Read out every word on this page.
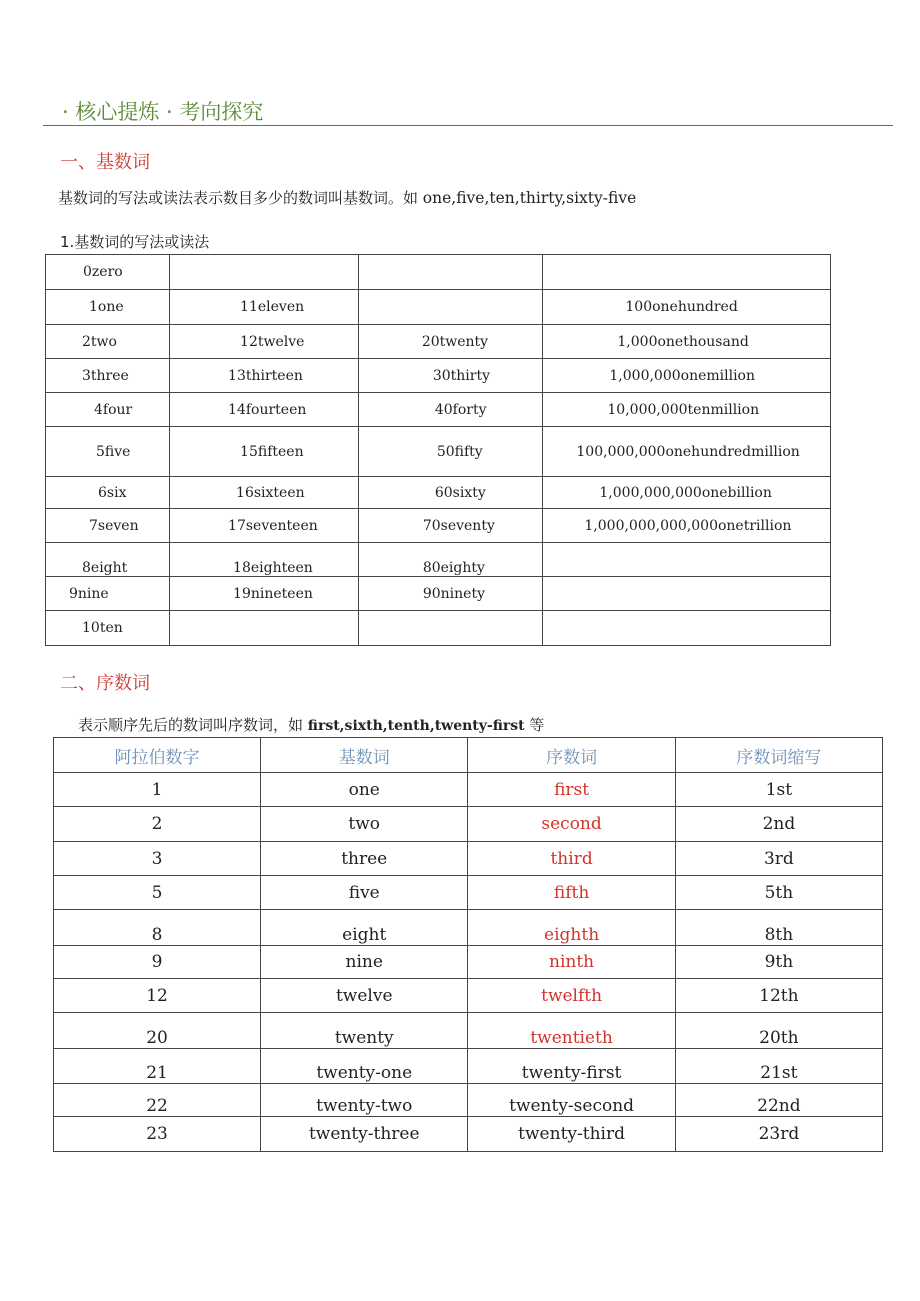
· 核心提炼 · 考向探究
一、基数词
基数词的写法或读法表示数目多少的数词叫基数词。如 one,five,ten,thirty,sixty-five
1.基数词的写法或读法
0zero			
1one	11eleven		100onehundred
2two	12twelve	20twenty	1,000onethousand
3three	13thirteen	30thirty	1,000,000onemillion
4four	14fourteen	40forty	10,000,000tenmillion
5five	15fifteen	50fifty	100,000,000onehundredmillion
6six	16sixteen	60sixty	1,000,000,000onebillion
7seven	17seventeen	70seventy	1,000,000,000,000onetrillion
8eight	18eighteen	80eighty	
9nine	19nineteen	90ninety	
10ten			
二、序数词
表示顺序先后的数词叫序数词，如 first,sixth,tenth,twenty-first 等
阿拉伯数字	基数词	序数词	序数词缩写
1	one	first	1st
2	two	second	2nd
3	three	third	3rd
5	five	fifth	5th
8	eight	eighth	8th
9	nine	ninth	9th
12	twelve	twelfth	12th
20	twenty	twentieth	20th
21	twenty-one	twenty-first	21st
22	twenty-two	twenty-second	22nd
23	twenty-three	twenty-third	23rd
